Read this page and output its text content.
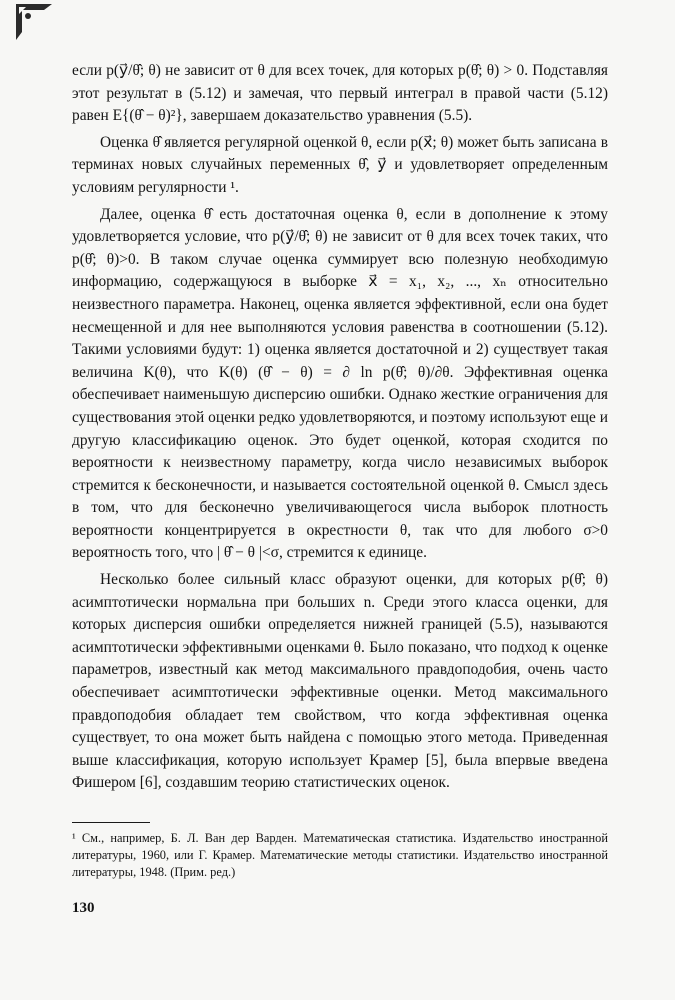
если p(y⃗/θ̂; θ) не зависит от θ для всех точек, для которых p(θ̂; θ) > 0. Подставляя этот результат в (5.12) и замечая, что первый интеграл в правой части (5.12) равен E{(θ̂ − θ)²}, завершаем доказательство уравнения (5.5).

Оценка θ̂ является регулярной оценкой θ, если p(x⃗; θ) может быть записана в терминах новых случайных переменных θ̂, y⃗ и удовлетворяет определенным условиям регулярности ¹.

Далее, оценка θ̂ есть достаточная оценка θ, если в дополнение к этому удовлетворяется условие, что p(y⃗/θ̂; θ) не зависит от θ для всех точек таких, что p(θ̂; θ)>0. В таком случае оценка суммирует всю полезную необходимую информацию, содержащуюся в выборке x⃗ = x₁, x₂, ..., xₙ относительно неизвестного параметра. Наконец, оценка является эффективной, если она будет несмещенной и для нее выполняются условия равенства в соотношении (5.12). Такими условиями будут: 1) оценка является достаточной и 2) существует такая величина K(θ), что K(θ) (θ̂ − θ) = ∂ ln p(θ̂; θ)/∂θ. Эффективная оценка обеспечивает наименьшую дисперсию ошибки. Однако жесткие ограничения для существования этой оценки редко удовлетворяются, и поэтому используют еще и другую классификацию оценок. Это будет оценкой, которая сходится по вероятности к неизвестному параметру, когда число независимых выборок стремится к бесконечности, и называется состоятельной оценкой θ. Смысл здесь в том, что для бесконечно увеличивающегося числа выборок плотность вероятности концентрируется в окрестности θ, так что для любого σ>0 вероятность того, что | θ̂ − θ |<σ, стремится к единице.

Несколько более сильный класс образуют оценки, для которых p(θ̂; θ) асимптотически нормальна при больших n. Среди этого класса оценки, для которых дисперсия ошибки определяется нижней границей (5.5), называются асимптотически эффективными оценками θ. Было показано, что подход к оценке параметров, известный как метод максимального правдоподобия, очень часто обеспечивает асимптотически эффективные оценки. Метод максимального правдоподобия обладает тем свойством, что когда эффективная оценка существует, то она может быть найдена с помощью этого метода. Приведенная выше классификация, которую использует Крамер [5], была впервые введена Фишером [6], создавшим теорию статистических оценок.

¹ См., например, Б. Л. Ван дер Варден. Математическая статистика. Издательство иностранной литературы, 1960, или Г. Крамер. Математические методы статистики. Издательство иностранной литературы, 1948. (Прим. ред.)
130
